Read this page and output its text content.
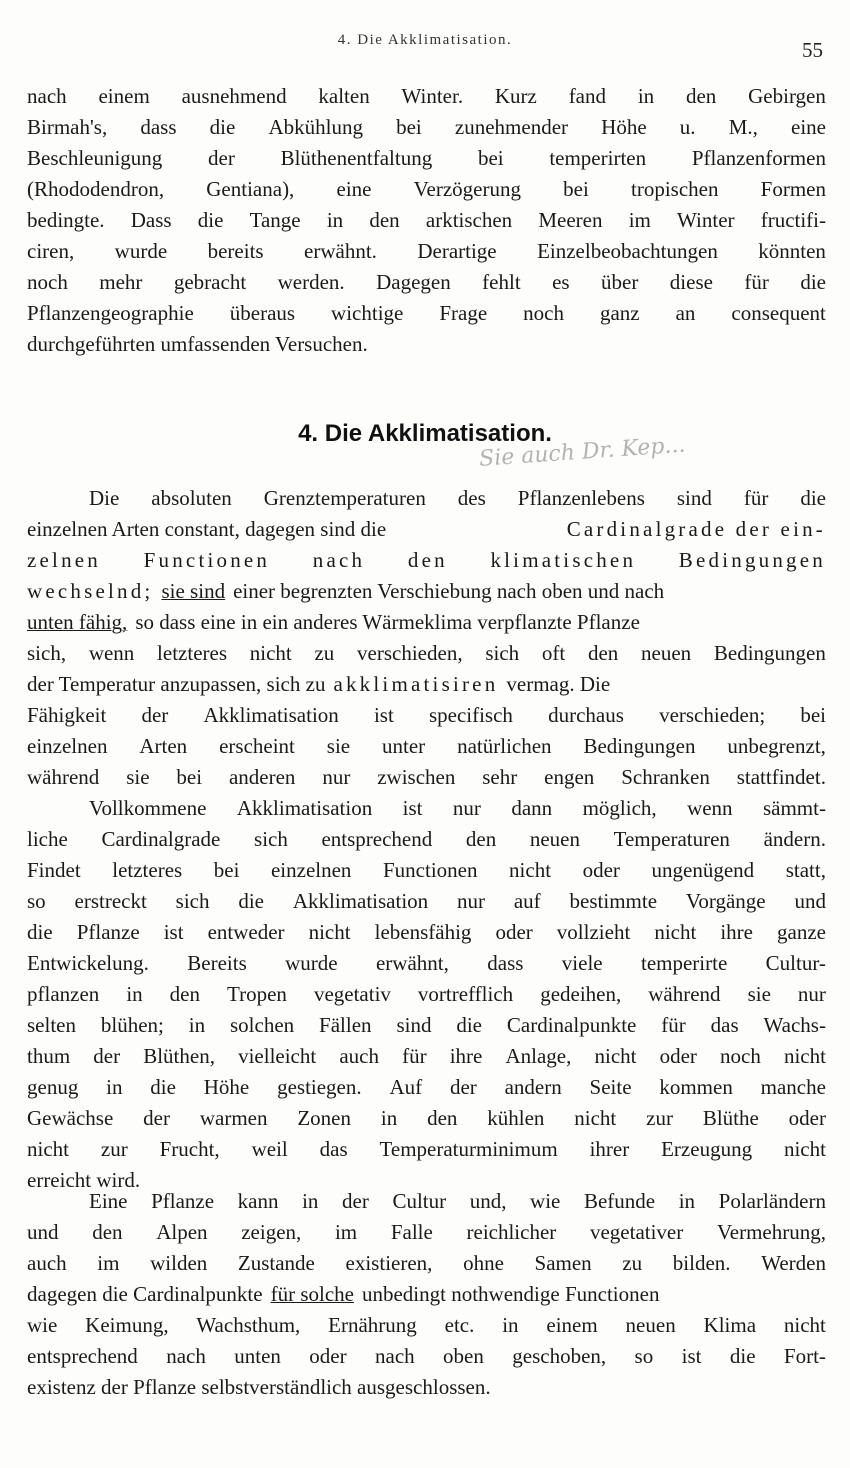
4. Die Akklimatisation.	55
nach einem ausnehmend kalten Winter. Kurz fand in den Gebirgen
Birmah's, dass die Abkühlung bei zunehmender Höhe u. M., eine
Beschleunigung der Blüthenentfaltung bei temperirten Pflanzenformen
(Rhododendron, Gentiana), eine Verzögerung bei tropischen Formen
bedingte. Dass die Tange in den arktischen Meeren im Winter fructifi-
ciren, wurde bereits erwähnt. Derartige Einzelbeobachtungen könnten
noch mehr gebracht werden. Dagegen fehlt es über diese für die
Pflanzengeographie überaus wichtige Frage noch ganz an consequent
durchgeführten umfassenden Versuchen.
4. Die Akklimatisation.
Sie auch Dr. Kep...
Die absoluten Grenztemperaturen des Pflanzenlebens sind für die
einzelnen Arten constant, dagegen sind die	Cardinalgrade der ein-
zelnen Functionen nach den klimatischen Bedingungen
wechselnd; sie sind einer begrenzten Verschiebung nach oben und nach
unten fähig, so dass eine in ein anderes Wärmeklima verpflanzte Pflanze
sich, wenn letzteres nicht zu verschieden, sich oft den neuen Bedingungen
der Temperatur anzupassen, sich zu akklimatisiren vermag. Die
Fähigkeit der Akklimatisation ist specifisch durchaus verschieden; bei
einzelnen Arten erscheint sie unter natürlichen Bedingungen unbegrenzt,
während sie bei anderen nur zwischen sehr engen Schranken stattfindet.
Vollkommene Akklimatisation ist nur dann möglich, wenn sämmt-
liche Cardinalgrade sich entsprechend den neuen Temperaturen ändern.
Findet letzteres bei einzelnen Functionen nicht oder ungenügend statt,
so erstreckt sich die Akklimatisation nur auf bestimmte Vorgänge und
die Pflanze ist entweder nicht lebensfähig oder vollzieht nicht ihre ganze
Entwickelung. Bereits wurde erwähnt, dass viele temperirte Cultur-
pflanzen in den Tropen vegetativ vortrefflich gedeihen, während sie nur
selten blühen; in solchen Fällen sind die Cardinalpunkte für das Wachs-
thum der Blüthen, vielleicht auch für ihre Anlage, nicht oder noch nicht
genug in die Höhe gestiegen. Auf der andern Seite kommen manche
Gewächse der warmen Zonen in den kühlen nicht zur Blüthe oder
nicht zur Frucht, weil das Temperaturminimum ihrer Erzeugung nicht
erreicht wird.
Eine Pflanze kann in der Cultur und, wie Befunde in Polarländern
und den Alpen zeigen, im Falle reichlicher vegetativer Vermehrung,
auch im wilden Zustande existieren, ohne Samen zu bilden. Werden
dagegen die Cardinalpunkte für solche unbedingt nothwendige Functionen
wie Keimung, Wachsthum, Ernährung etc. in einem neuen Klima nicht
entsprechend nach unten oder nach oben geschoben, so ist die Fort-
existenz der Pflanze selbstverständlich ausgeschlossen.
